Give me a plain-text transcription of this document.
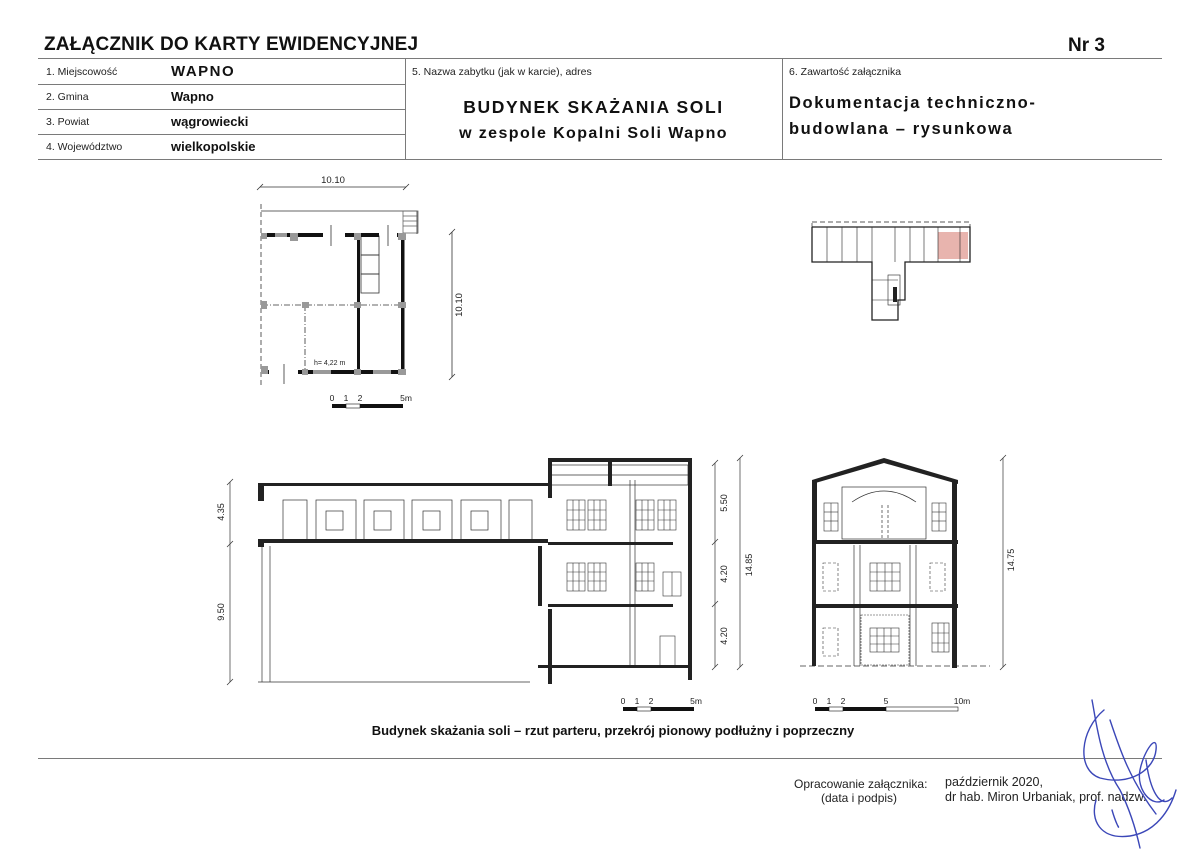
ZAŁĄCZNIK DO KARTY EWIDENCYJNEJ	Nr 3
1. Miejscowość	WAPNO
2. Gmina	Wapno
3. Powiat	wągrowiecki
4. Województwo	wielkopolskie
5. Nazwa zabytku (jak w karcie), adres
BUDYNEK SKAŻANIA SOLI
w zespole Kopalni Soli Wapno
6. Zawartość załącznika
Dokumentacja techniczno-
budowlana – rysunkowa
10.10
10.10
h= 4,22 m
0 1 2	5m
4.35
9.50
5.50
4.20
4.20
14.85
0 1 2	5m
14.75
0 1 2	5	10m
Budynek skażania soli – rzut parteru, przekrój pionowy podłużny i poprzeczny
Opracowanie załącznika:
(data i podpis)
październik 2020,
dr hab. Miron Urbaniak, prof. nadzw.
